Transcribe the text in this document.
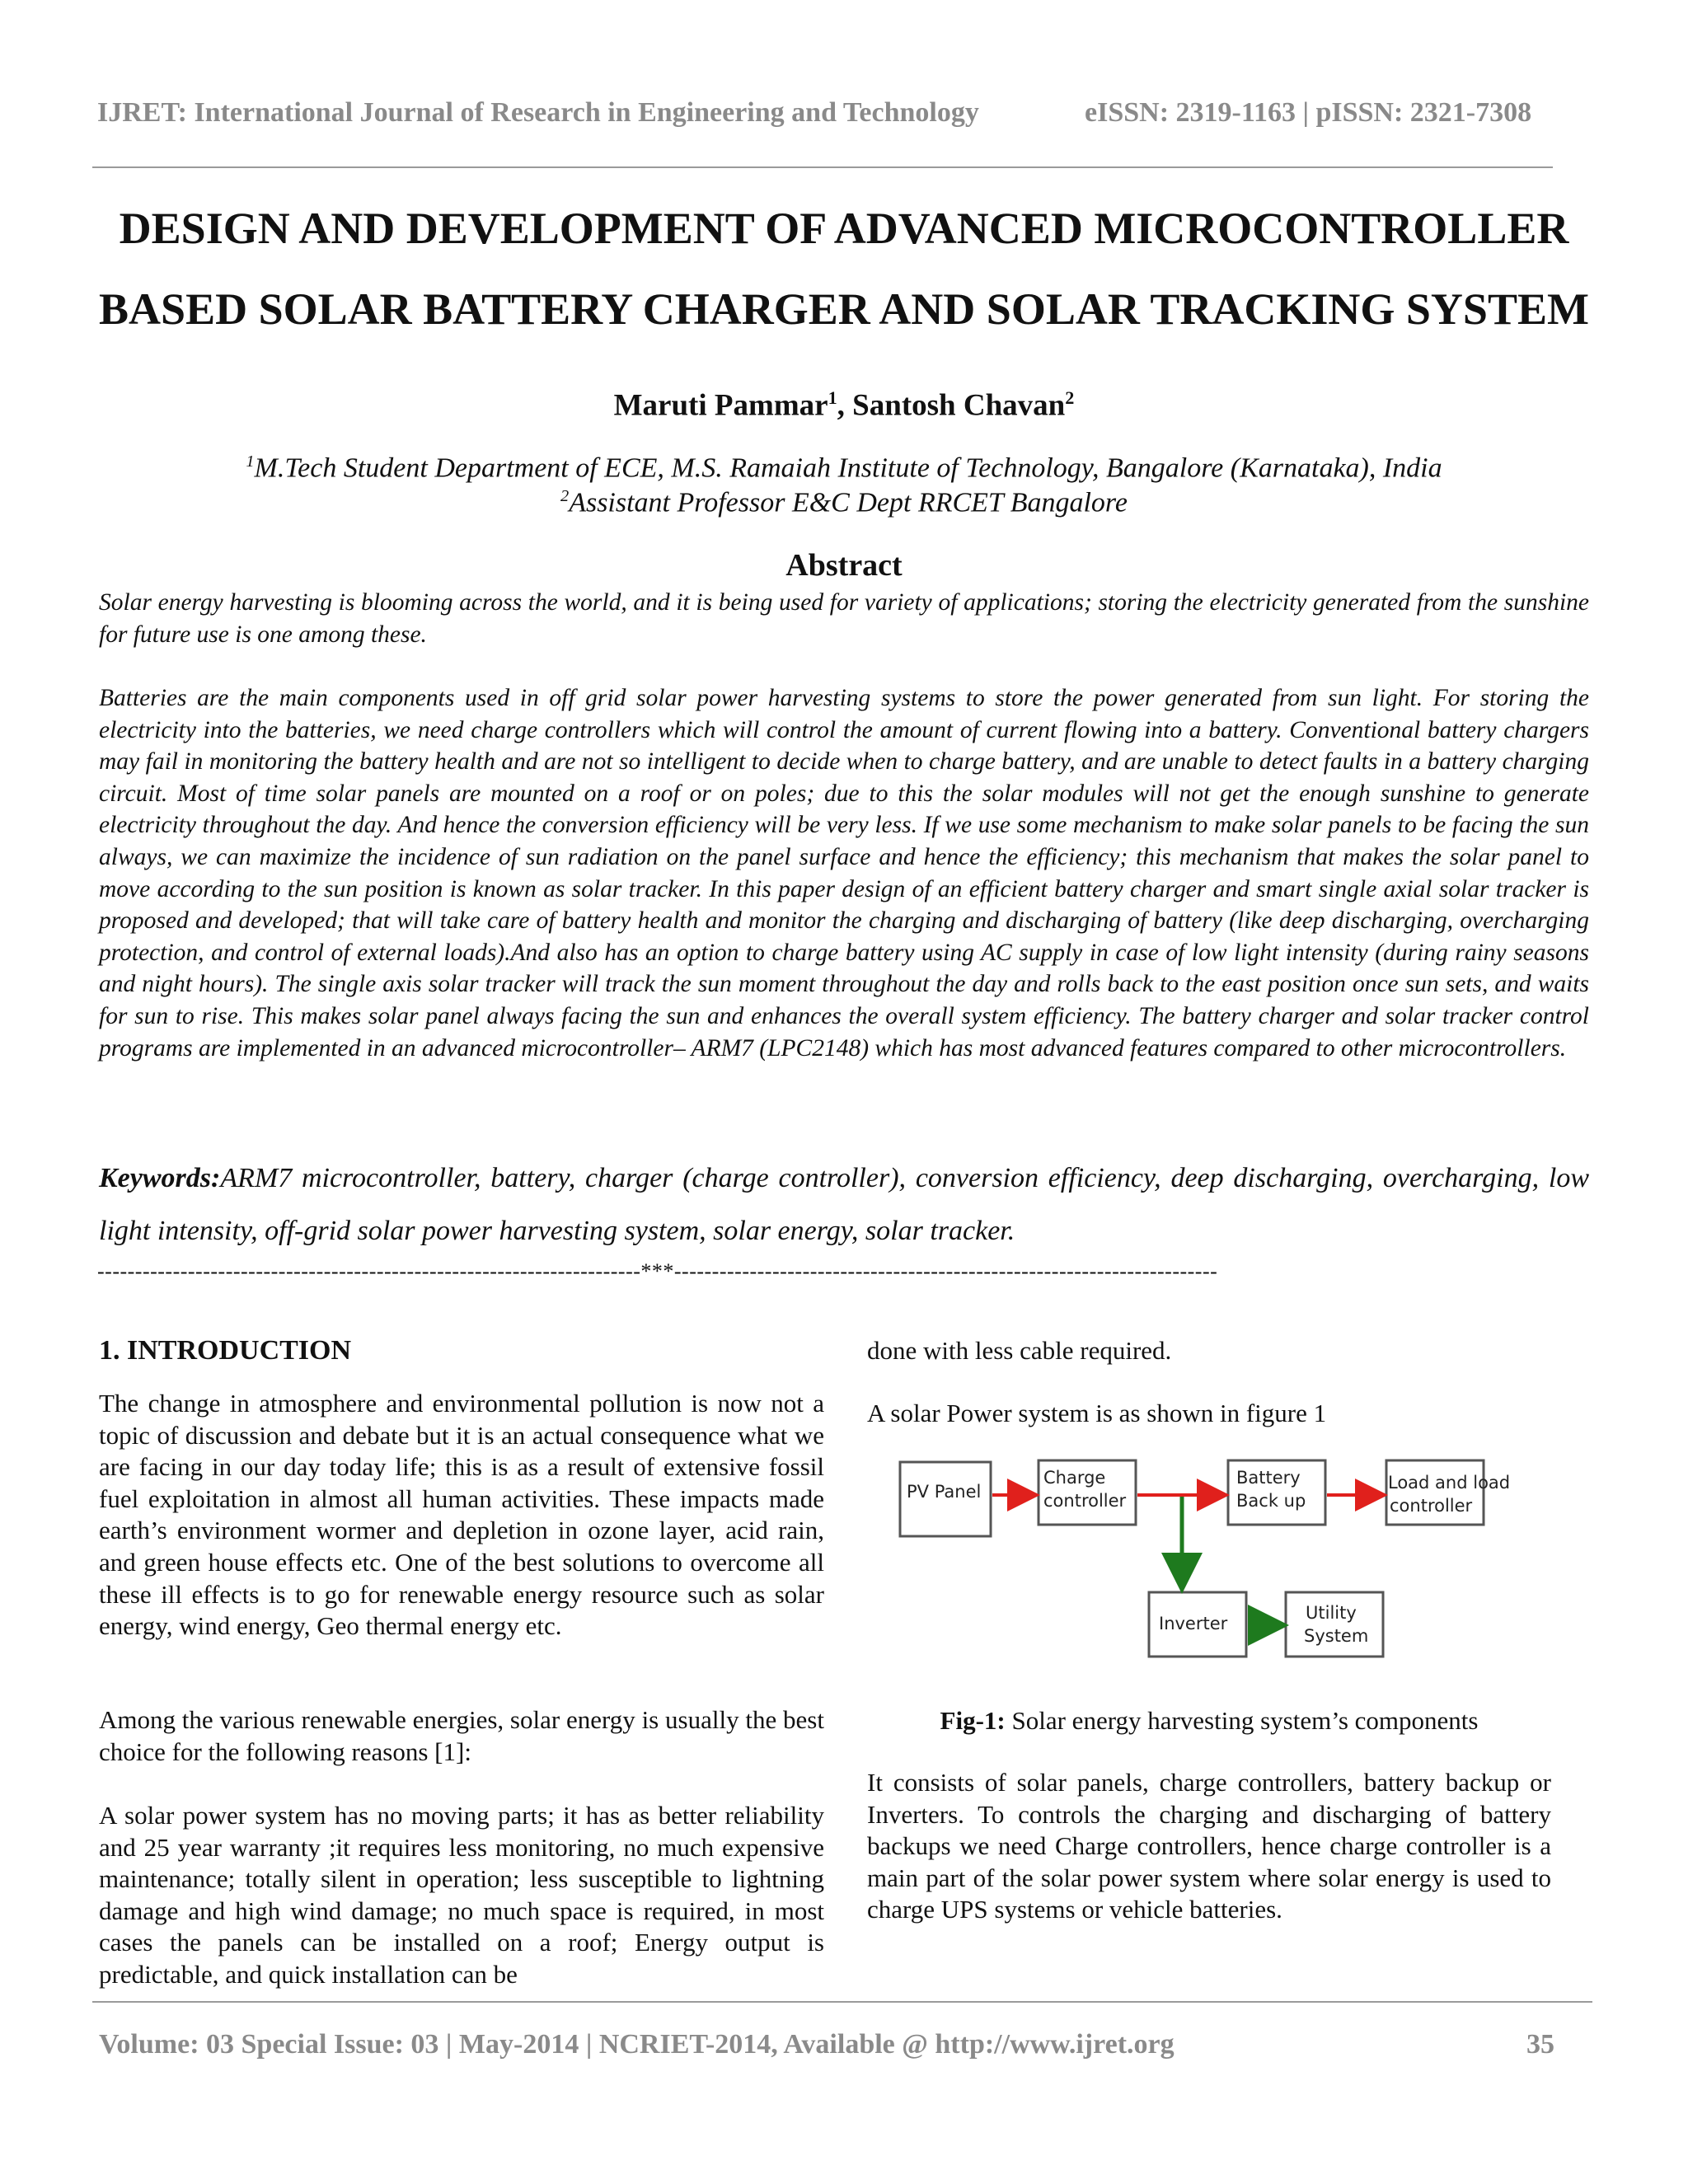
IJRET: International Journal of Research in Engineering and Technology	eISSN: 2319-1163 | pISSN: 2321-7308
DESIGN AND DEVELOPMENT OF ADVANCED MICROCONTROLLER
BASED SOLAR BATTERY CHARGER AND SOLAR TRACKING SYSTEM
Maruti Pammar$^1$, Santosh Chavan$^2$
$^1$M.Tech Student Department of ECE, M.S. Ramaiah Institute of Technology, Bangalore (Karnataka), India
$^2$Assistant Professor E&C Dept RRCET Bangalore
Abstract
Solar energy harvesting is blooming across the world, and it is being used for variety of applications; storing the electricity generated from the sunshine for future use is one among these.
Batteries are the main components used in off grid solar power harvesting systems to store the power generated from sun light. For storing the electricity into the batteries, we need charge controllers which will control the amount of current flowing into a battery. Conventional battery chargers may fail in monitoring the battery health and are not so intelligent to decide when to charge battery, and are unable to detect faults in a battery charging circuit. Most of time solar panels are mounted on a roof or on poles; due to this the solar modules will not get the enough sunshine to generate electricity throughout the day. And hence the conversion efficiency will be very less. If we use some mechanism to make solar panels to be facing the sun always, we can maximize the incidence of sun radiation on the panel surface and hence the efficiency; this mechanism that makes the solar panel to move according to the sun position is known as solar tracker. In this paper design of an efficient battery charger and smart single axial solar tracker is proposed and developed; that will take care of battery health and monitor the charging and discharging of battery (like deep discharging, overcharging protection, and control of external loads).And also has an option to charge battery using AC supply in case of low light intensity (during rainy seasons and night hours). The single axis solar tracker will track the sun moment throughout the day and rolls back to the east position once sun sets, and waits for sun to rise. This makes solar panel always facing the sun and enhances the overall system efficiency. The battery charger and solar tracker control programs are implemented in an advanced microcontroller– ARM7 (LPC2148) which has most advanced features compared to other microcontrollers.
Keywords:ARM7 microcontroller, battery, charger (charge controller), conversion efficiency, deep discharging, overcharging, low light intensity, off-grid solar power harvesting system, solar energy, solar tracker.
------------------------------------------------------------------------***------------------------------------------------------------------------
1. INTRODUCTION
The change in atmosphere and environmental pollution is now not a topic of discussion and debate but it is an actual consequence what we are facing in our day today life; this is as a result of extensive fossil fuel exploitation in almost all human activities. These impacts made earth’s environment wormer and depletion in ozone layer, acid rain, and green house effects etc. One of the best solutions to overcome all these ill effects is to go for renewable energy resource such as solar energy, wind energy, Geo thermal energy etc.
Among the various renewable energies, solar energy is usually the best choice for the following reasons [1]:
A solar power system has no moving parts; it has as better reliability and 25 year warranty ;it requires less monitoring, no much expensive maintenance; totally silent in operation; less susceptible to lightning damage and high wind damage; no much space is required, in most cases the panels can be installed on a roof; Energy output is predictable, and quick installation can be
done with less cable required.
A solar Power system is as shown in figure 1
PV Panel
Charge
controller
Battery
Back up
Load and load
controller
Inverter
Utility
System
Fig-1: Solar energy harvesting system’s components
It consists of solar panels, charge controllers, battery backup or Inverters. To controls the charging and discharging of battery backups we need Charge controllers, hence charge controller is a main part of the solar power system where solar energy is used to charge UPS systems or vehicle batteries.
Volume: 03 Special Issue: 03 | May-2014 | NCRIET-2014, Available @ http://www.ijret.org	35
